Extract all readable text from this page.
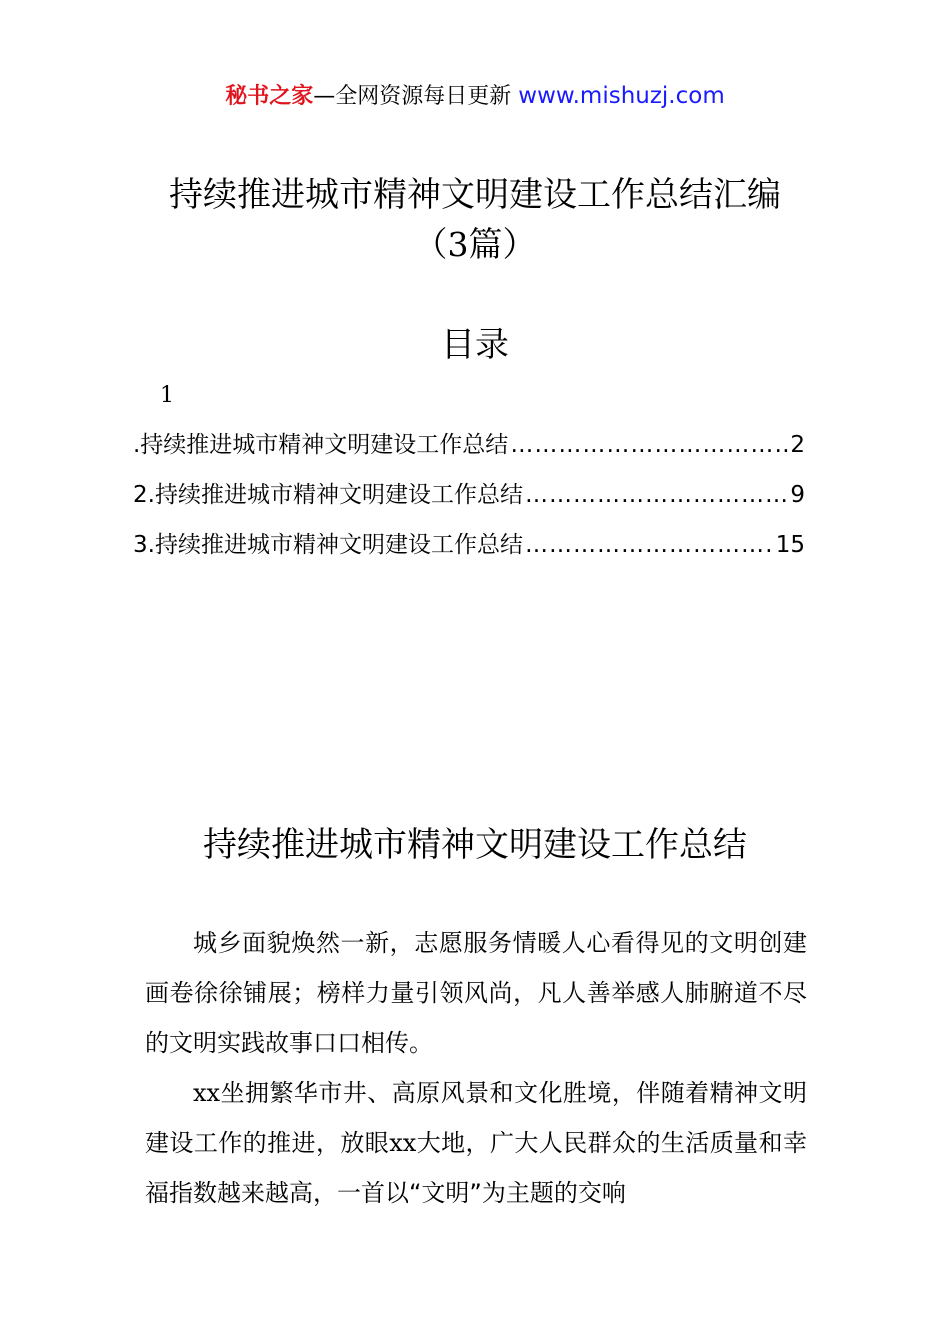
秘书之家—全网资源每日更新 www.mishuzj.com
持续推进城市精神文明建设工作总结汇编
（3篇）
目录
1
.持续推进城市精神文明建设工作总结 ………………………………………………………………………………………………	2
2. 持续推进城市精神文明建设工作总结 ………………………………………………………………………………………………	9
3. 持续推进城市精神文明建设工作总结 ………………………………………………………………………………………………	15
持续推进城市精神文明建设工作总结

城乡面貌焕然一新，志愿服务情暖人心看得见的文明创建画卷徐徐铺展；榜样力量引领风尚，凡人善举感人肺腑道不尽的文明实践故事口口相传。

xx坐拥繁华市井、高原风景和文化胜境，伴随着精神文明建设工作的推进，放眼xx大地，广大人民群众的生活质量和幸福指数越来越高，一首以“文明”为主题的交响
